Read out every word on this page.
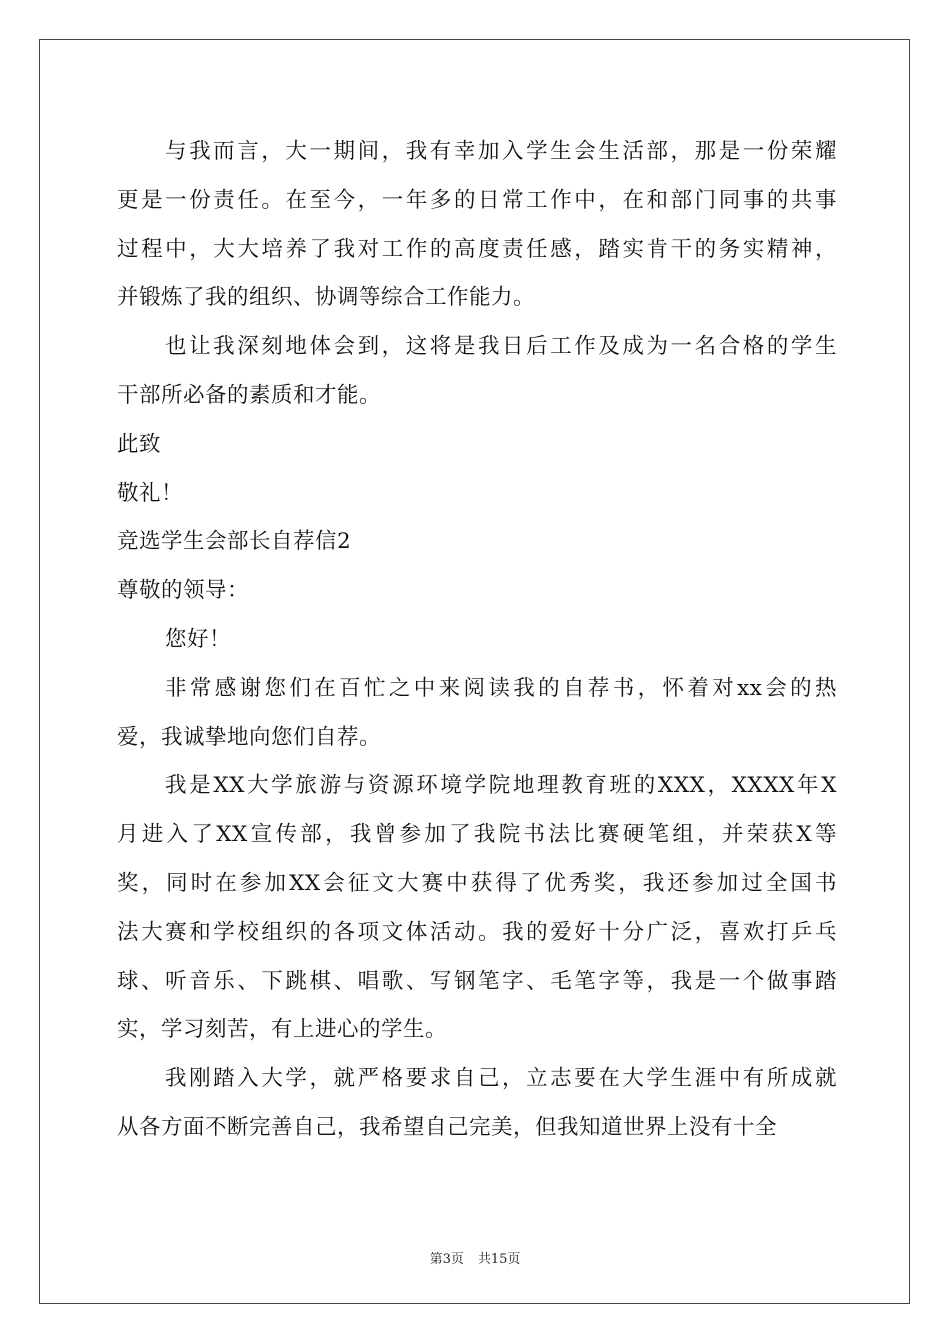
与我而言，大一期间，我有幸加入学生会生活部，那是一份荣耀
更是一份责任。在至今，一年多的日常工作中，在和部门同事的共事
过程中，大大培养了我对工作的高度责任感，踏实肯干的务实精神，
并锻炼了我的组织、协调等综合工作能力。
也让我深刻地体会到，这将是我日后工作及成为一名合格的学生
干部所必备的素质和才能。
此致
敬礼！
竞选学生会部长自荐信2
尊敬的领导：
您好！
非常感谢您们在百忙之中来阅读我的自荐书，怀着对xx会的热
爱，我诚挚地向您们自荐。
我是XX大学旅游与资源环境学院地理教育班的XXX，XXXX年X
月进入了XX宣传部，我曾参加了我院书法比赛硬笔组，并荣获X等
奖，同时在参加XX会征文大赛中获得了优秀奖，我还参加过全国书
法大赛和学校组织的各项文体活动。我的爱好十分广泛，喜欢打乒乓
球、听音乐、下跳棋、唱歌、写钢笔字、毛笔字等，我是一个做事踏
实，学习刻苦，有上进心的学生。
我刚踏入大学，就严格要求自己，立志要在大学生涯中有所成就
从各方面不断完善自己，我希望自己完美，但我知道世界上没有十全
第3页 共15页
